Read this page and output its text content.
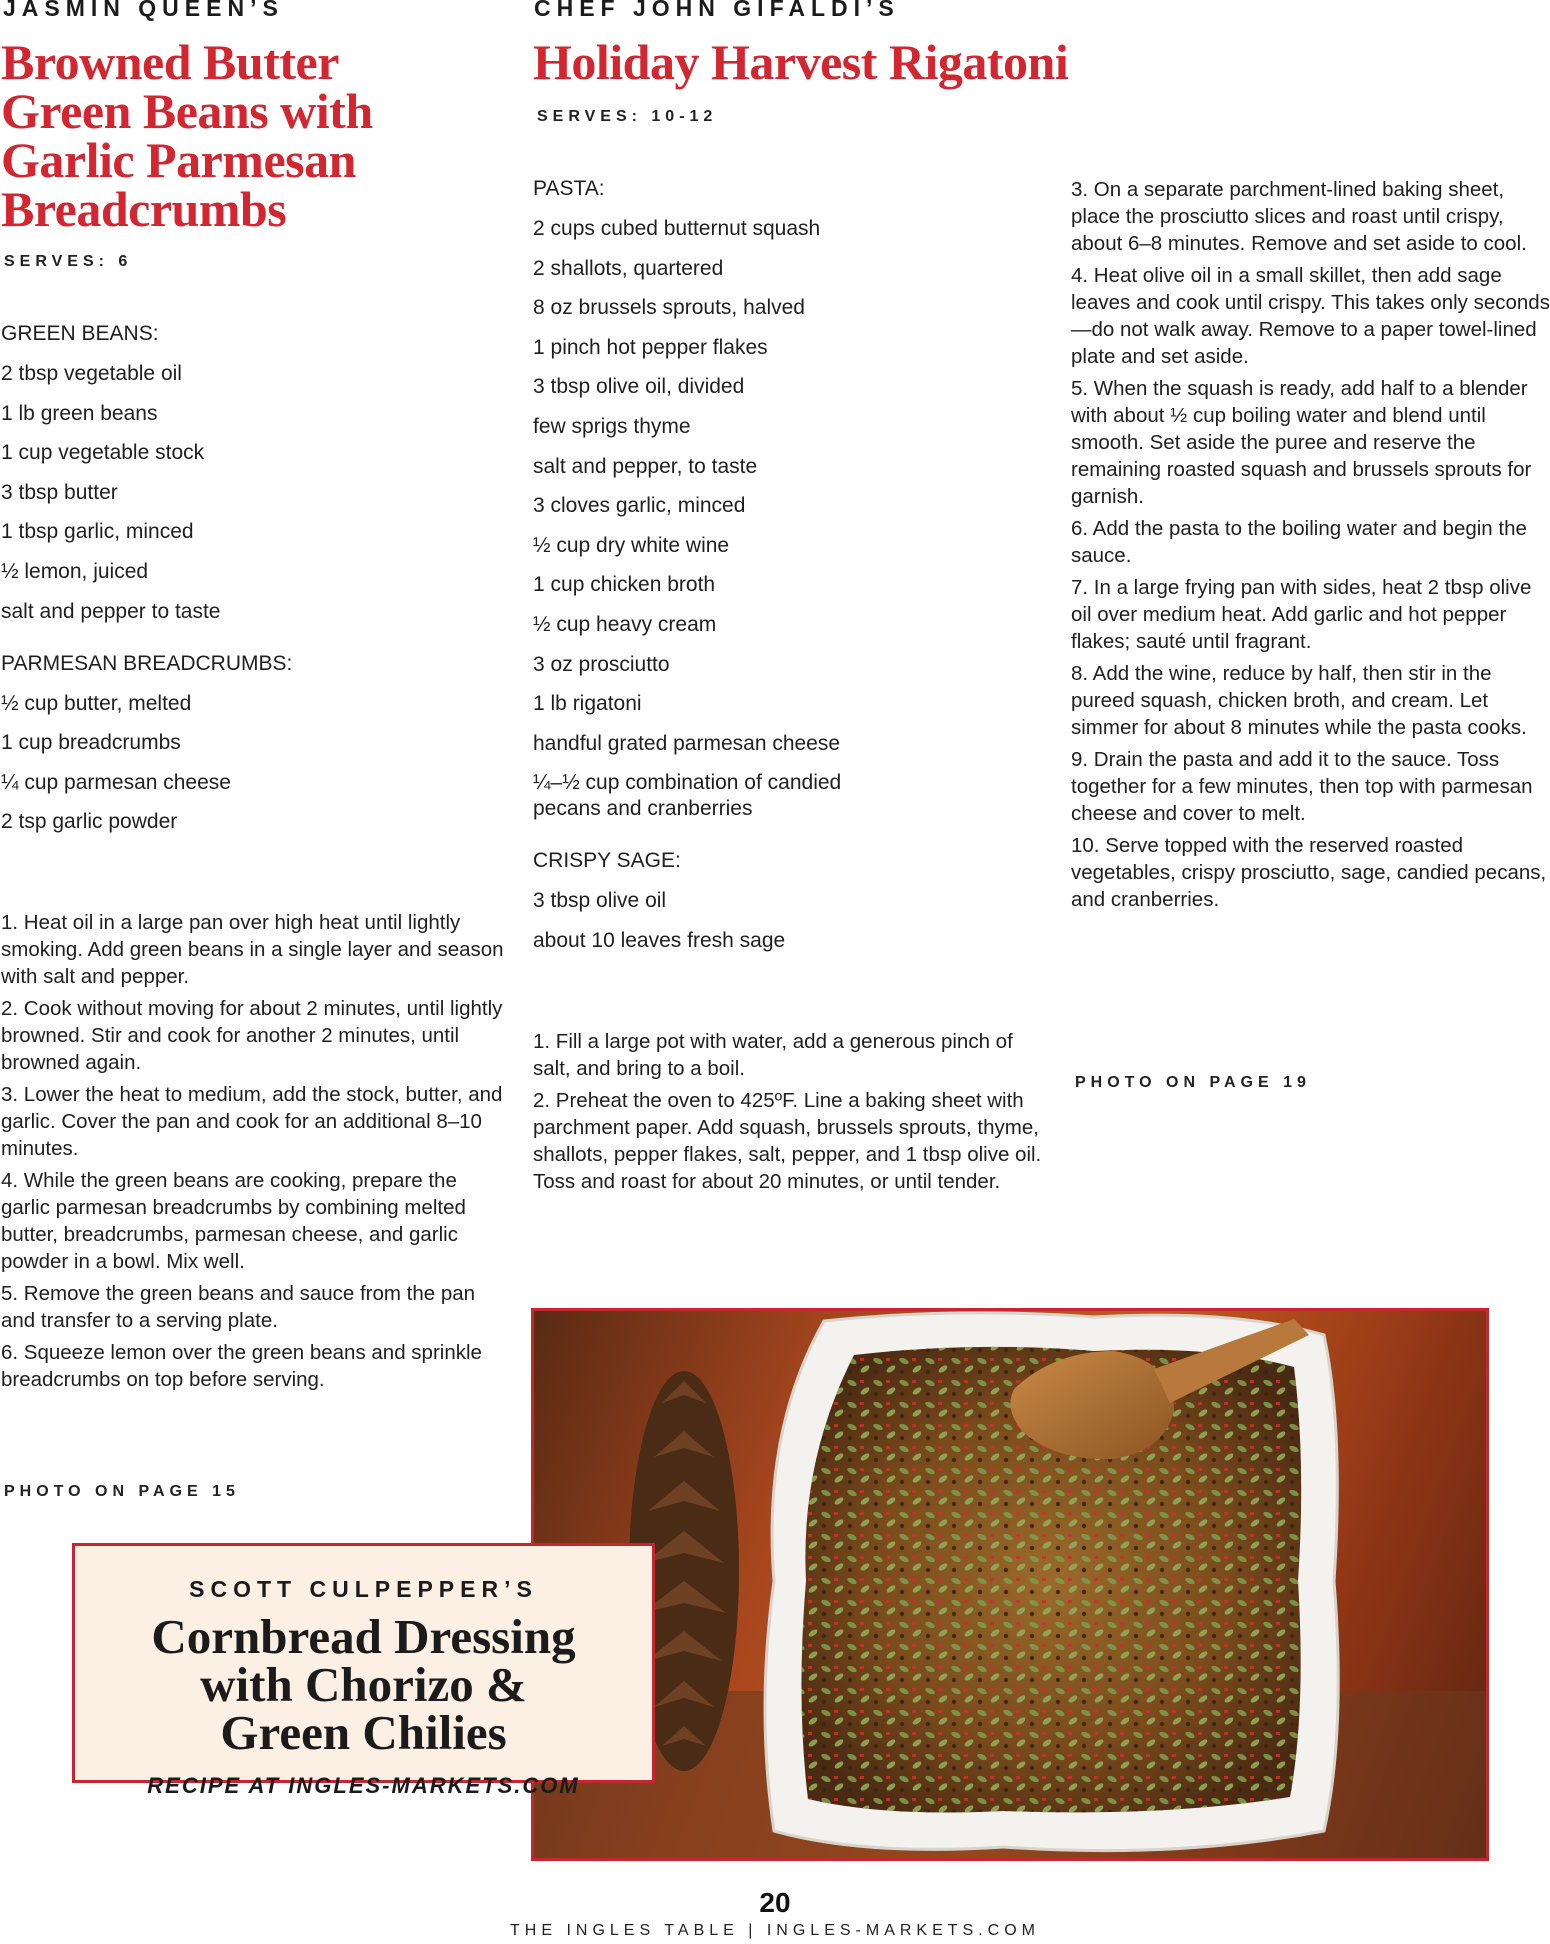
JASMIN QUEEN’S
Browned Butter
Green Beans with
Garlic Parmesan
Breadcrumbs
SERVES: 6

GREEN BEANS:

2 tbsp vegetable oil
1 lb green beans
1 cup vegetable stock
3 tbsp butter
1 tbsp garlic, minced
½ lemon, juiced
salt and pepper to taste

PARMESAN BREADCRUMBS:

½ cup butter, melted
1 cup breadcrumbs
¼ cup parmesan cheese
2 tsp garlic powder
1. Heat oil in a large pan over high heat until lightly smoking. Add green beans in a single layer and season with salt and pepper.
2. Cook without moving for about 2 minutes, until lightly browned. Stir and cook for another 2 minutes, until browned again.
3. Lower the heat to medium, add the stock, butter, and garlic. Cover the pan and cook for an additional 8–10 minutes.
4. While the green beans are cooking, prepare the garlic parmesan breadcrumbs by combining melted butter, breadcrumbs, parmesan cheese, and garlic powder in a bowl. Mix well.
5. Remove the green beans and sauce from the pan and transfer to a serving plate.
6. Squeeze lemon over the green beans and sprinkle breadcrumbs on top before serving.
PHOTO ON PAGE 15
CHEF JOHN GIFALDI’S
Holiday Harvest Rigatoni
SERVES: 10-12

PASTA:

2 cups cubed butternut squash
2 shallots, quartered
8 oz brussels sprouts, halved
1 pinch hot pepper flakes
3 tbsp olive oil, divided
few sprigs thyme
salt and pepper, to taste
3 cloves garlic, minced
½ cup dry white wine
1 cup chicken broth
½ cup heavy cream
3 oz prosciutto
1 lb rigatoni
handful grated parmesan cheese
¼–½ cup combination of candied pecans and cranberries

CRISPY SAGE:

3 tbsp olive oil
about 10 leaves fresh sage
1. Fill a large pot with water, add a generous pinch of salt, and bring to a boil.
2. Preheat the oven to 425ºF. Line a baking sheet with parchment paper. Add squash, brussels sprouts, thyme, shallots, pepper flakes, salt, pepper, and 1 tbsp olive oil. Toss and roast for about 20 minutes, or until tender.
3. On a separate parchment-lined baking sheet, place the prosciutto slices and roast until crispy, about 6–8 minutes. Remove and set aside to cool.
4. Heat olive oil in a small skillet, then add sage leaves and cook until crispy. This takes only seconds—do not walk away. Remove to a paper towel-lined plate and set aside.
5. When the squash is ready, add half to a blender with about ½ cup boiling water and blend until smooth. Set aside the puree and reserve the remaining roasted squash and brussels sprouts for garnish.
6. Add the pasta to the boiling water and begin the sauce.
7. In a large frying pan with sides, heat 2 tbsp olive oil over medium heat. Add garlic and hot pepper flakes; sauté until fragrant.
8. Add the wine, reduce by half, then stir in the pureed squash, chicken broth, and cream. Let simmer for about 8 minutes while the pasta cooks.
9. Drain the pasta and add it to the sauce. Toss together for a few minutes, then top with parmesan cheese and cover to melt.
10. Serve topped with the reserved roasted vegetables, crispy prosciutto, sage, candied pecans, and cranberries.
PHOTO ON PAGE 19
SCOTT CULPEPPER’S
Cornbread Dressing
with Chorizo &
Green Chilies
RECIPE AT INGLES-MARKETS.COM
20
THE INGLES TABLE | INGLES-MARKETS.COM
